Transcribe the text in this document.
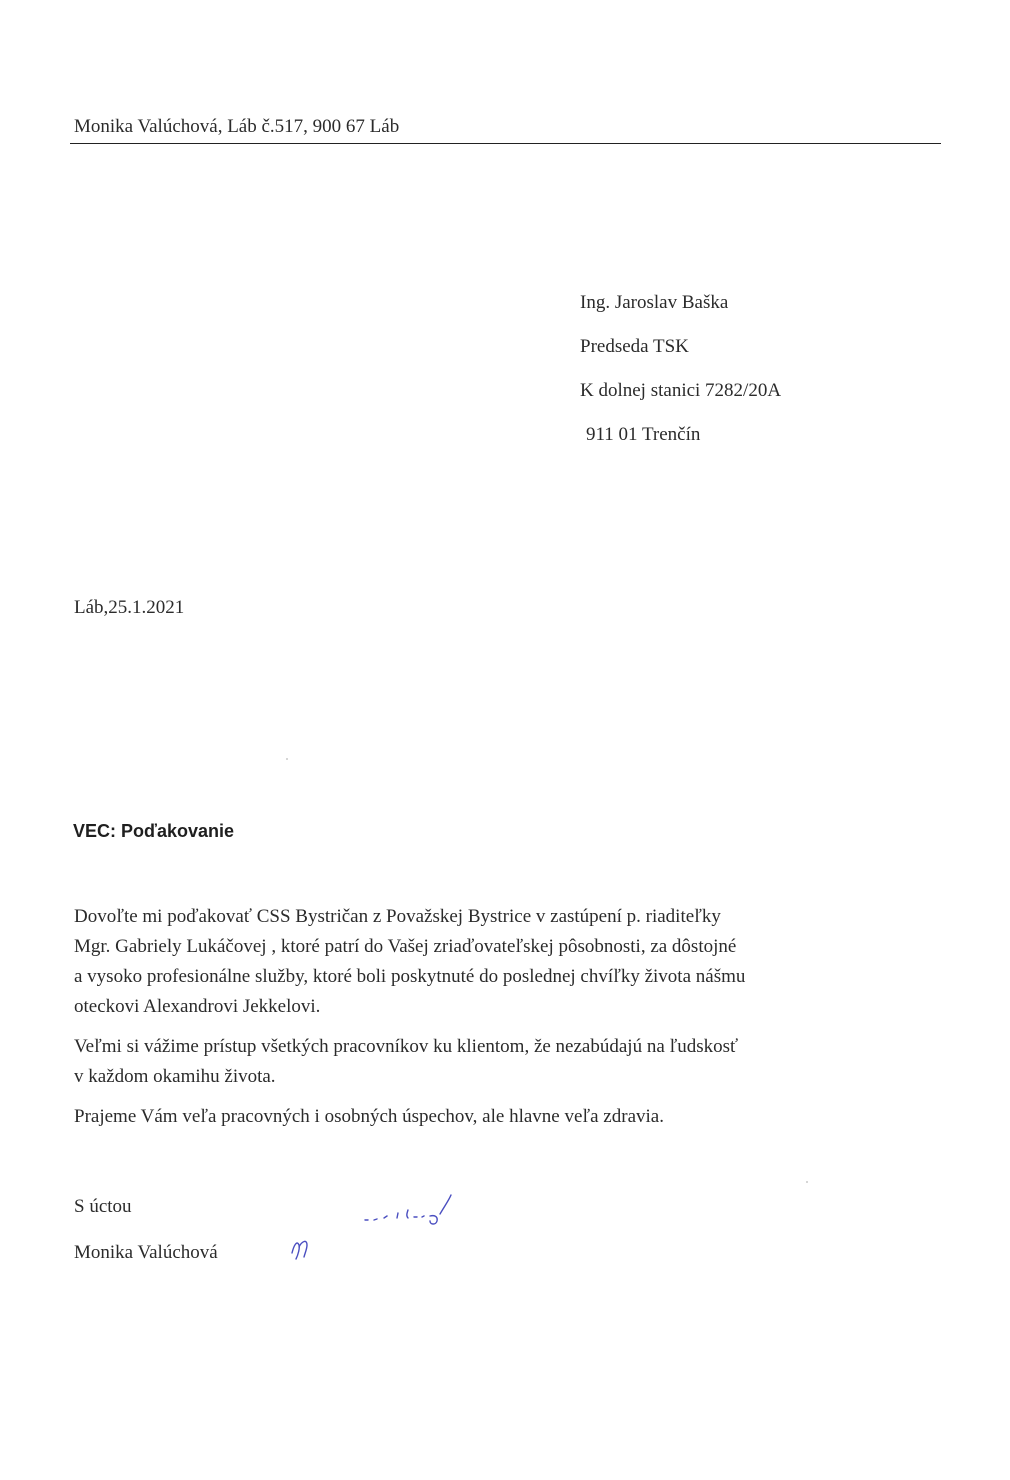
Monika Valúchová, Láb č.517, 900 67 Láb
Ing. Jaroslav Baška
Predseda TSK
K dolnej stanici 7282/20A
911 01 Trenčín
Láb,25.1.2021
VEC: Poďakovanie
Dovoľte mi poďakovať CSS Bystričan z Považskej Bystrice v zastúpení p. riaditeľky
Mgr. Gabriely Lukáčovej , ktoré patrí do Vašej zriaďovateľskej pôsobnosti, za dôstojné
a vysoko profesionálne služby, ktoré boli poskytnuté do poslednej chvíľky života nášmu
oteckovi Alexandrovi Jekkelovi.
Veľmi si vážime prístup všetkých pracovníkov ku klientom, že nezabúdajú na ľudskosť
v každom okamihu života.
Prajeme Vám veľa pracovných i osobných úspechov, ale hlavne veľa zdravia.
S úctou
Monika Valúchová
